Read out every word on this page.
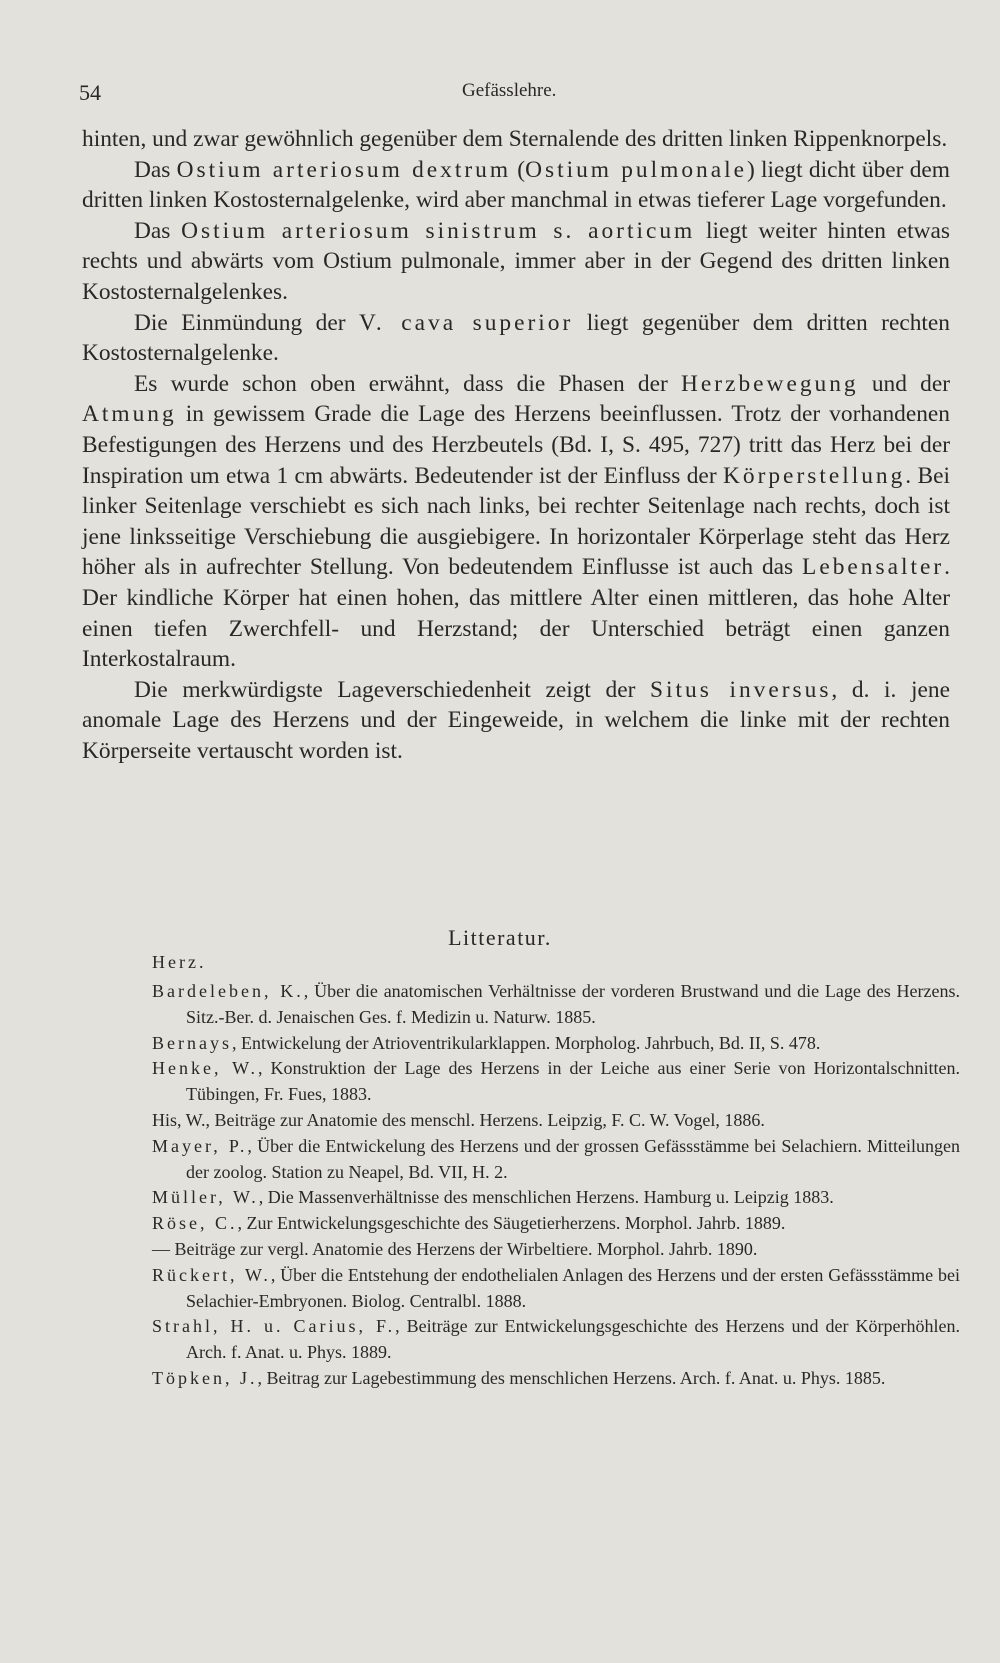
54	Gefässlehre.

hinten, und zwar gewöhnlich gegenüber dem Sternalende des dritten linken Rippenknorpels.

Das Ostium arteriosum dextrum (Ostium pulmonale) liegt dicht über dem dritten linken Kostosternalgelenke, wird aber manchmal in etwas tieferer Lage vorgefunden.

Das Ostium arteriosum sinistrum s. aorticum liegt weiter hinten etwas rechts und abwärts vom Ostium pulmonale, immer aber in der Gegend des dritten linken Kostosternalgelenkes.

Die Einmündung der V. cava superior liegt gegenüber dem dritten rechten Kostosternalgelenke.

Es wurde schon oben erwähnt, dass die Phasen der Herzbewegung und der Atmung in gewissem Grade die Lage des Herzens beeinflussen. Trotz der vorhandenen Befestigungen des Herzens und des Herzbeutels (Bd. I, S. 495, 727) tritt das Herz bei der Inspiration um etwa 1 cm abwärts. Bedeutender ist der Einfluss der Körperstellung. Bei linker Seitenlage verschiebt es sich nach links, bei rechter Seitenlage nach rechts, doch ist jene linksseitige Verschiebung die ausgiebigere. In horizontaler Körperlage steht das Herz höher als in aufrechter Stellung. Von bedeutendem Einflusse ist auch das Lebensalter. Der kindliche Körper hat einen hohen, das mittlere Alter einen mittleren, das hohe Alter einen tiefen Zwerchfell- und Herzstand; der Unterschied beträgt einen ganzen Interkostalraum.

Die merkwürdigste Lageverschiedenheit zeigt der Situs inversus, d. i. jene anomale Lage des Herzens und der Eingeweide, in welchem die linke mit der rechten Körperseite vertauscht worden ist.

Litteratur.
Herz.

Bardeleben, K., Über die anatomischen Verhältnisse der vorderen Brustwand und die Lage des Herzens. Sitz.-Ber. d. Jenaischen Ges. f. Medizin u. Naturw. 1885.

Bernays, Entwickelung der Atrioventrikularklappen. Morpholog. Jahrbuch, Bd. II, S. 478.

Henke, W., Konstruktion der Lage des Herzens in der Leiche aus einer Serie von Horizontalschnitten. Tübingen, Fr. Fues, 1883.

His, W., Beiträge zur Anatomie des menschl. Herzens. Leipzig, F. C. W. Vogel, 1886.

Mayer, P., Über die Entwickelung des Herzens und der grossen Gefässstämme bei Selachiern. Mitteilungen der zoolog. Station zu Neapel, Bd. VII, H. 2.

Müller, W., Die Massenverhältnisse des menschlichen Herzens. Hamburg u. Leipzig 1883.

Röse, C., Zur Entwickelungsgeschichte des Säugetierherzens. Morphol. Jahrb. 1889.

— Beiträge zur vergl. Anatomie des Herzens der Wirbeltiere. Morphol. Jahrb. 1890.

Rückert, W., Über die Entstehung der endothelialen Anlagen des Herzens und der ersten Gefässstämme bei Selachier-Embryonen. Biolog. Centralbl. 1888.

Strahl, H. u. Carius, F., Beiträge zur Entwickelungsgeschichte des Herzens und der Körperhöhlen. Arch. f. Anat. u. Phys. 1889.

Töpken, J., Beitrag zur Lagebestimmung des menschlichen Herzens. Arch. f. Anat. u. Phys. 1885.
